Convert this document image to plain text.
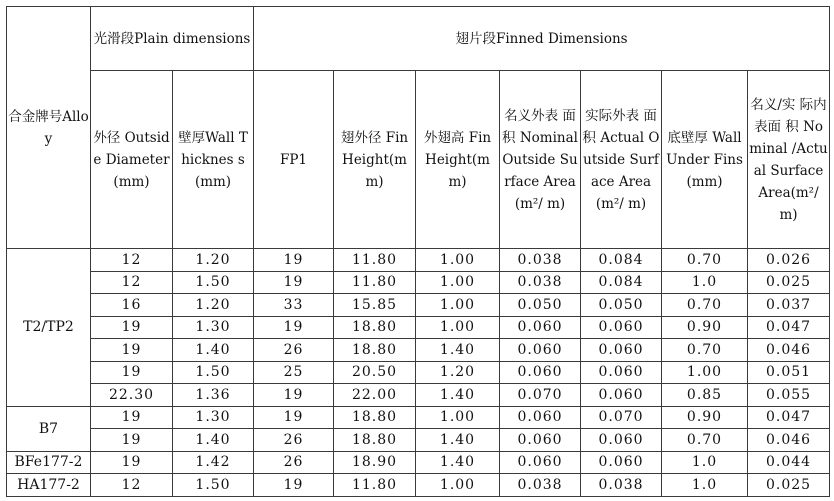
合金牌号Alloy	光滑段Plain dimensions		翅片段Finned Dimensions						
	外径 Outside Diameter (mm)	壁厚Wall Thicknes s(mm)	FP1	翅外径 Fin Height(m m)	外翅高 Fin Height(m m)	名义外表 面积 Nominal Outside Surface Area(m²/ m)	实际外表 面积 Actual Outside Surface Area(m²/ m)	底壁厚 Wall Under Fins(mm)	名义/实 际内表面 积 Nominal /Actual Surface Area(m²/ m)
T2/TP2	12	1.20	19	11.80	1.00	0.038	0.084	0.70	0.026
	12	1.50	19	11.80	1.00	0.038	0.084	1.0	0.025
	16	1.20	33	15.85	1.00	0.050	0.050	0.70	0.037
	19	1.30	19	18.80	1.00	0.060	0.060	0.90	0.047
	19	1.40	26	18.80	1.40	0.060	0.060	0.70	0.046
	19	1.50	25	20.50	1.20	0.060	0.060	1.00	0.051
	22.30	1.36	19	22.00	1.40	0.070	0.060	0.85	0.055
B7	19	1.30	19	18.80	1.00	0.060	0.070	0.90	0.047
	19	1.40	26	18.80	1.40	0.060	0.060	0.70	0.046
BFe177-2	19	1.42	26	18.90	1.40	0.060	0.060	1.0	0.044
HA177-2	12	1.50	19	11.80	1.00	0.038	0.038	1.0	0.025
